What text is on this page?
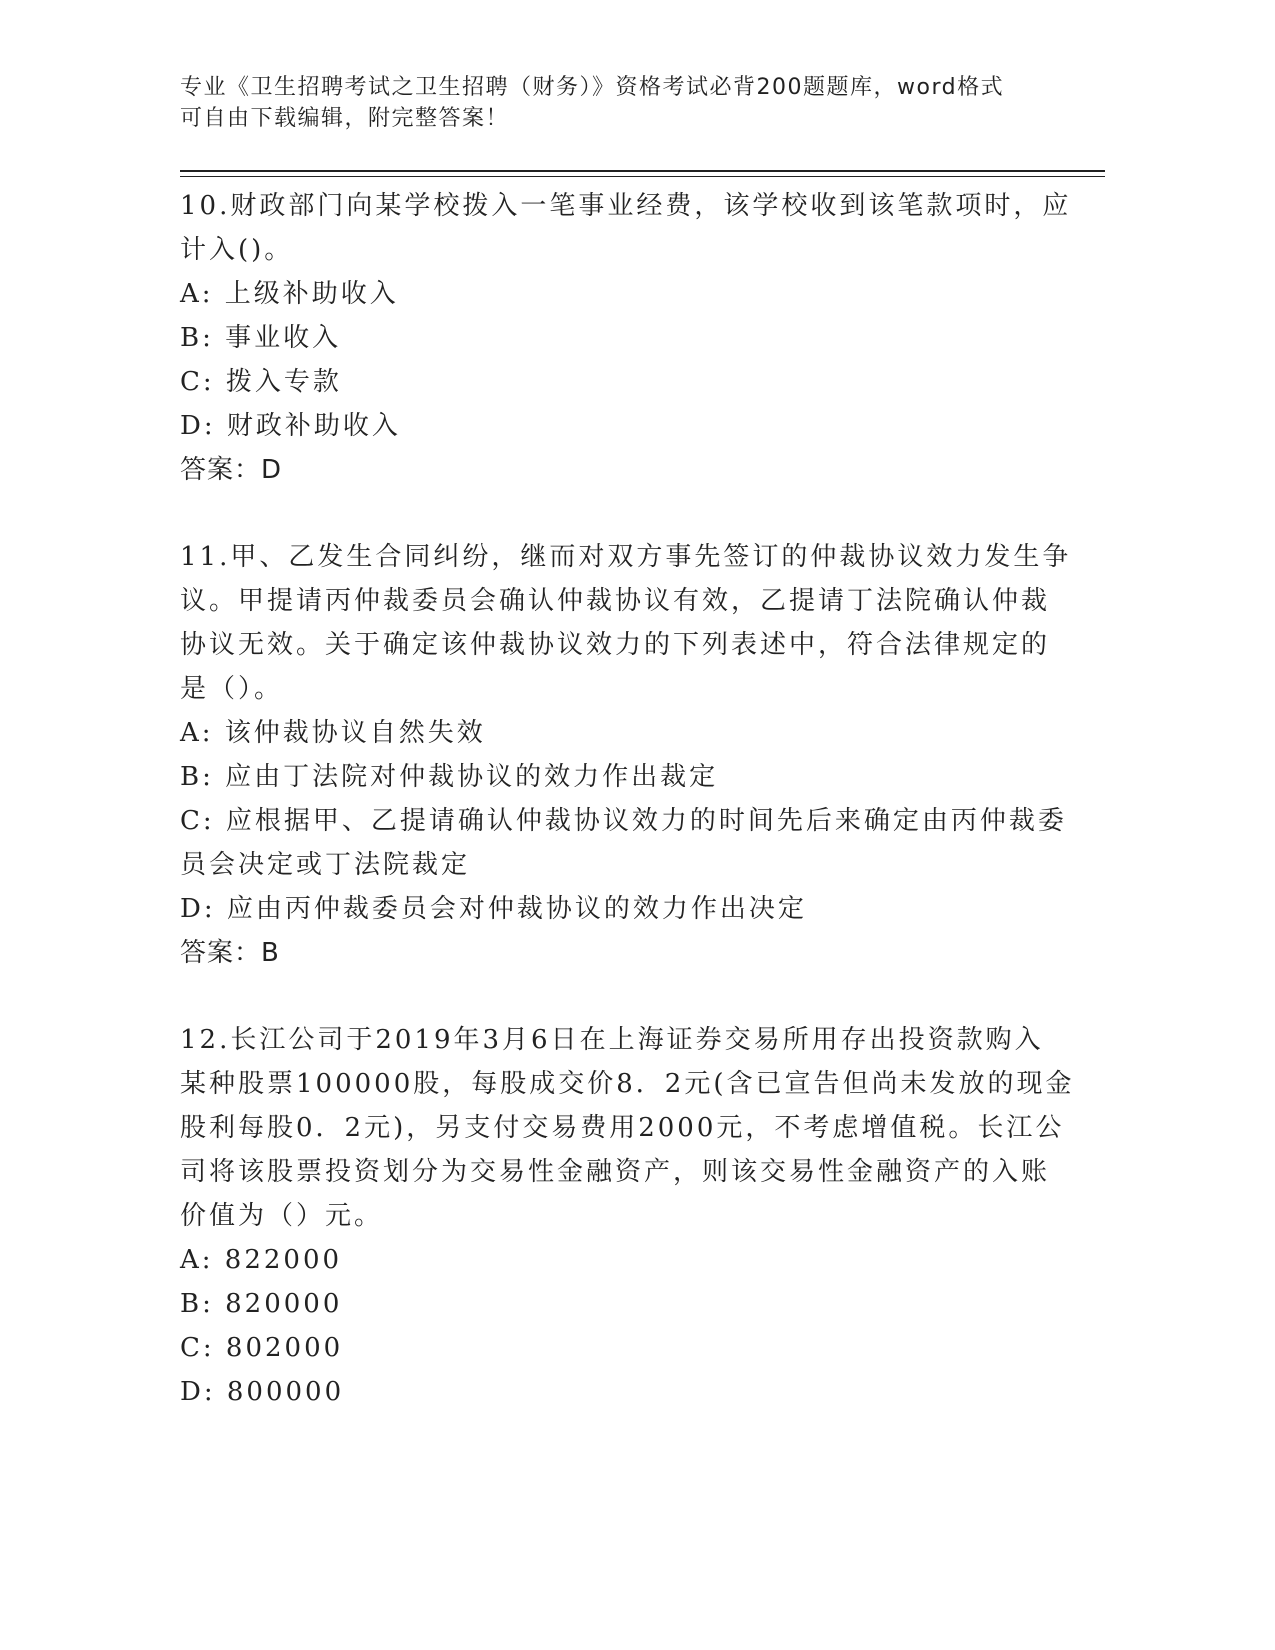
专业《卫生招聘考试之卫生招聘（财务）》资格考试必背200题题库，word格式
可自由下载编辑，附完整答案！
10.财政部门向某学校拨入一笔事业经费，该学校收到该笔款项时，应
计入()。
A: 上级补助收入
B: 事业收入
C: 拨入专款
D: 财政补助收入
答案：D
11.甲、乙发生合同纠纷，继而对双方事先签订的仲裁协议效力发生争
议。甲提请丙仲裁委员会确认仲裁协议有效，乙提请丁法院确认仲裁
协议无效。关于确定该仲裁协议效力的下列表述中，符合法律规定的
是（）。
A: 该仲裁协议自然失效
B: 应由丁法院对仲裁协议的效力作出裁定
C: 应根据甲、乙提请确认仲裁协议效力的时间先后来确定由丙仲裁委
员会决定或丁法院裁定
D: 应由丙仲裁委员会对仲裁协议的效力作出决定
答案：B
12.长江公司于2019年3月6日在上海证券交易所用存出投资款购入
某种股票100000股，每股成交价8．2元(含已宣告但尚未发放的现金
股利每股0．2元)，另支付交易费用2000元，不考虑增值税。长江公
司将该股票投资划分为交易性金融资产，则该交易性金融资产的入账
价值为（）元。
A: 822000
B: 820000
C: 802000
D: 800000
